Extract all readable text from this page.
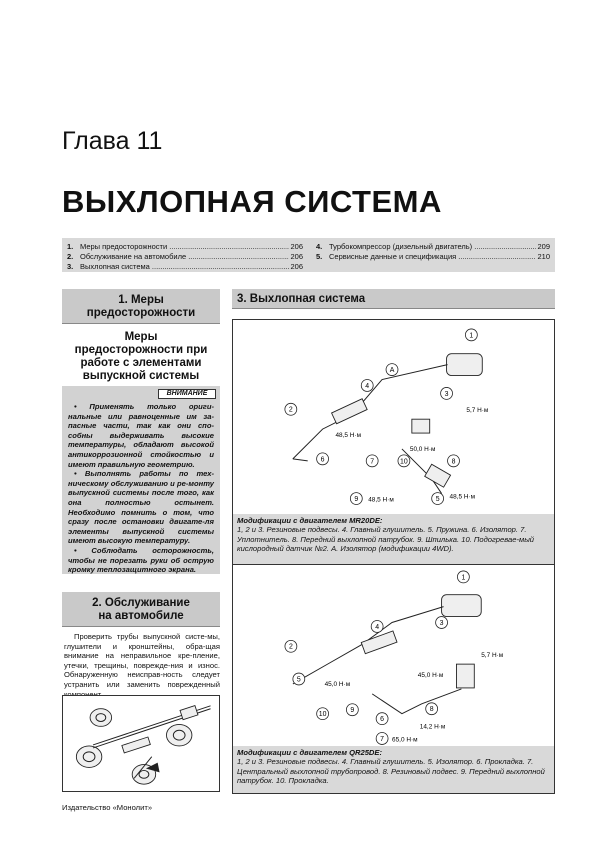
Глава 11
ВЫХЛОПНАЯ СИСТЕМА
1. Меры предосторожности .....	206
2. Обслуживание на автомобиле .....	206
3. Выхлопная система .....	206
4. Турбокомпрессор (дизельный двигатель) .....	209
5. Сервисные данные и спецификация .....	210
1. Меры
предосторожности
Меры
предосторожности при
работе с элементами
выпускной системы
ВНИМАНИЕ

• Применять только ориги-нальные или равноценные им за-пасные части, так как они спо-собны выдерживать высокие температуры, обладают высокой антикоррозионной стойкостью и имеют правильную геометрию.

• Выполнять работы по тех-ническому обслуживанию и ре-монту выпускной системы после того, как она полностью остынет. Необходимо помнить о том, что сразу после остановки двигате-ля элементы выпускной системы имеют высокую температуру.

• Соблюдать осторожность, чтобы не порезать руки об острую кромку теплозащитного экрана.

2. Обслуживание
на автомобиле
Проверить трубы выпускной систе-мы, глушители и кронштейны, обра-щая внимание на неправильное кре-пление, утечки, трещины, поврежде-ния и износ. Обнаруженную неисправ-ность следует устранить или заменить поврежденный
3. Выхлопная система
1
4
A
3
2
6	7	10	8
9	5
5,7 Н·м
48,5 Н·м
50,0 Н·м
48,5 Н·м	48,5 Н·м
Модификации с двигателем MR20DE:
1, 2 и 3. Резиновые подвесы. 4. Главный глушитель. 5. Пружина. 6. Изолятор. 7. Уплотнитель. 8. Передний выхлопной патрубок. 9. Шпилька. 10. Подогревае-мый кислородный датчик №2. A. Изолятор (модификации 4WD).
1
4
3
2
5
10
9
6
8
7
5,7 Н·м
45,0 Н·м
45,0 Н·м
14,2 Н·м
65,0 Н·м
Модификации с двигателем QR25DE:
1, 2 и 3. Резиновые подвесы. 4. Главный глушитель. 5. Изолятор. 6. Прокладка. 7. Центральный выхлопной трубопровод. 8. Резиновый подвес. 9. Передний выхлопной патрубок. 10. Прокладка.
Издательство «Монолит»
